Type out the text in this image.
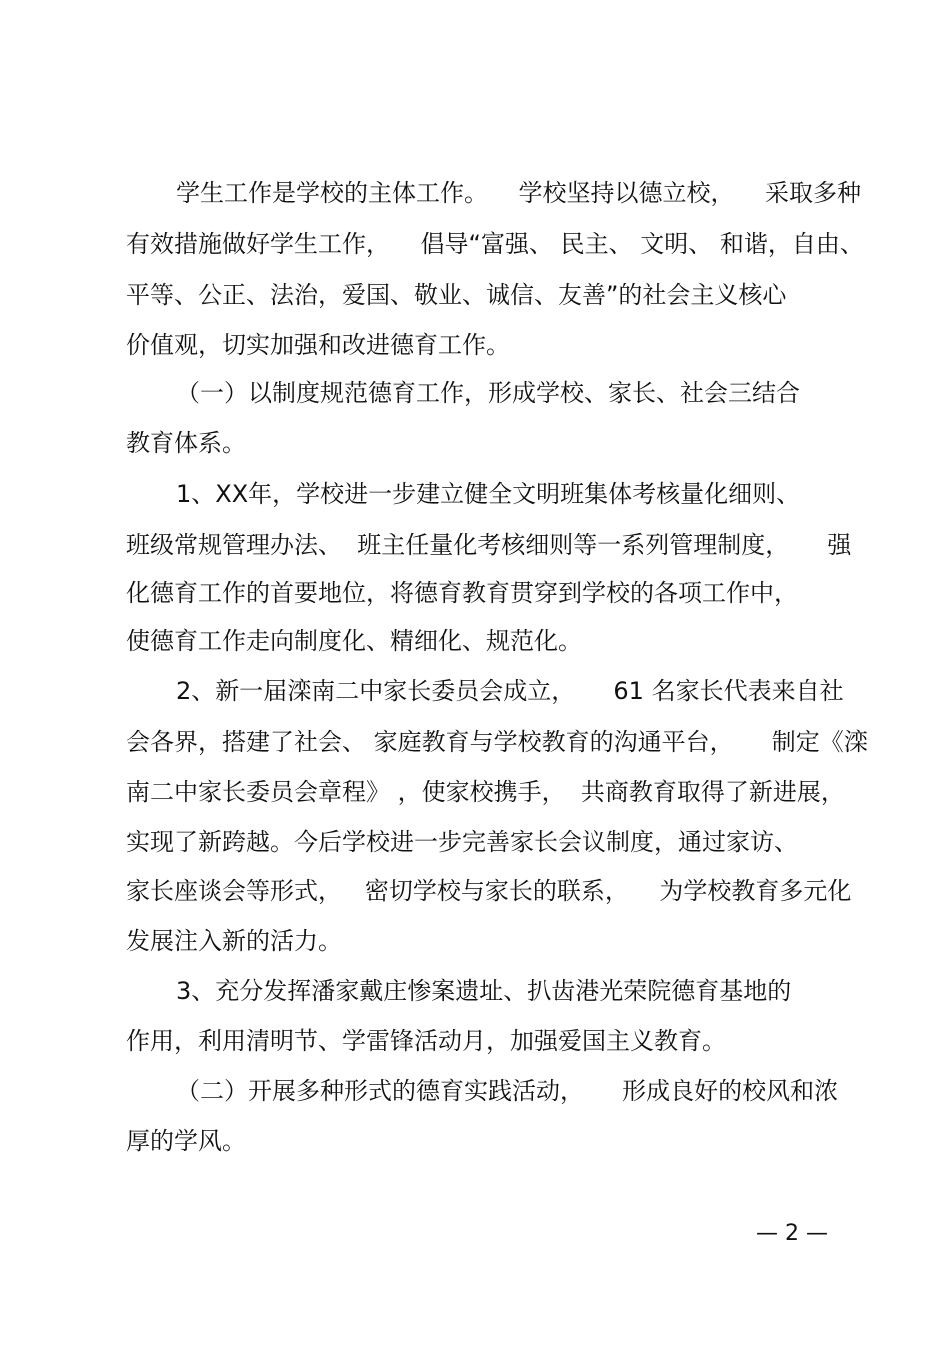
学生工作是学校的主体工作。    学校坚持以德立校，    采取多种

有效措施做好学生工作，    倡导“富强、 民主、 文明、 和谐，自由、

平等、公正、法治，爱国、敬业、诚信、友善”的社会主义核心

价值观，切实加强和改进德育工作。

（一）以制度规范德育工作，形成学校、家长、社会三结合

教育体系。

1、XX年，学校进一步建立健全文明班集体考核量化细则、

班级常规管理办法、  班主任量化考核细则等一系列管理制度，     强

化德育工作的首要地位，将德育教育贯穿到学校的各项工作中，

使德育工作走向制度化、精细化、规范化。

2、新一届滦南二中家长委员会成立，     61 名家长代表来自社

会各界，搭建了社会、 家庭教育与学校教育的沟通平台，     制定《滦

南二中家长委员会章程》 ，使家校携手，  共商教育取得了新进展，

实现了新跨越。今后学校进一步完善家长会议制度，通过家访、

家长座谈会等形式，   密切学校与家长的联系，    为学校教育多元化

发展注入新的活力。

3、充分发挥潘家戴庄惨案遗址、扒齿港光荣院德育基地的

作用，利用清明节、学雷锋活动月，加强爱国主义教育。

（二）开展多种形式的德育实践活动，     形成良好的校风和浓

厚的学风。

— 2 —
